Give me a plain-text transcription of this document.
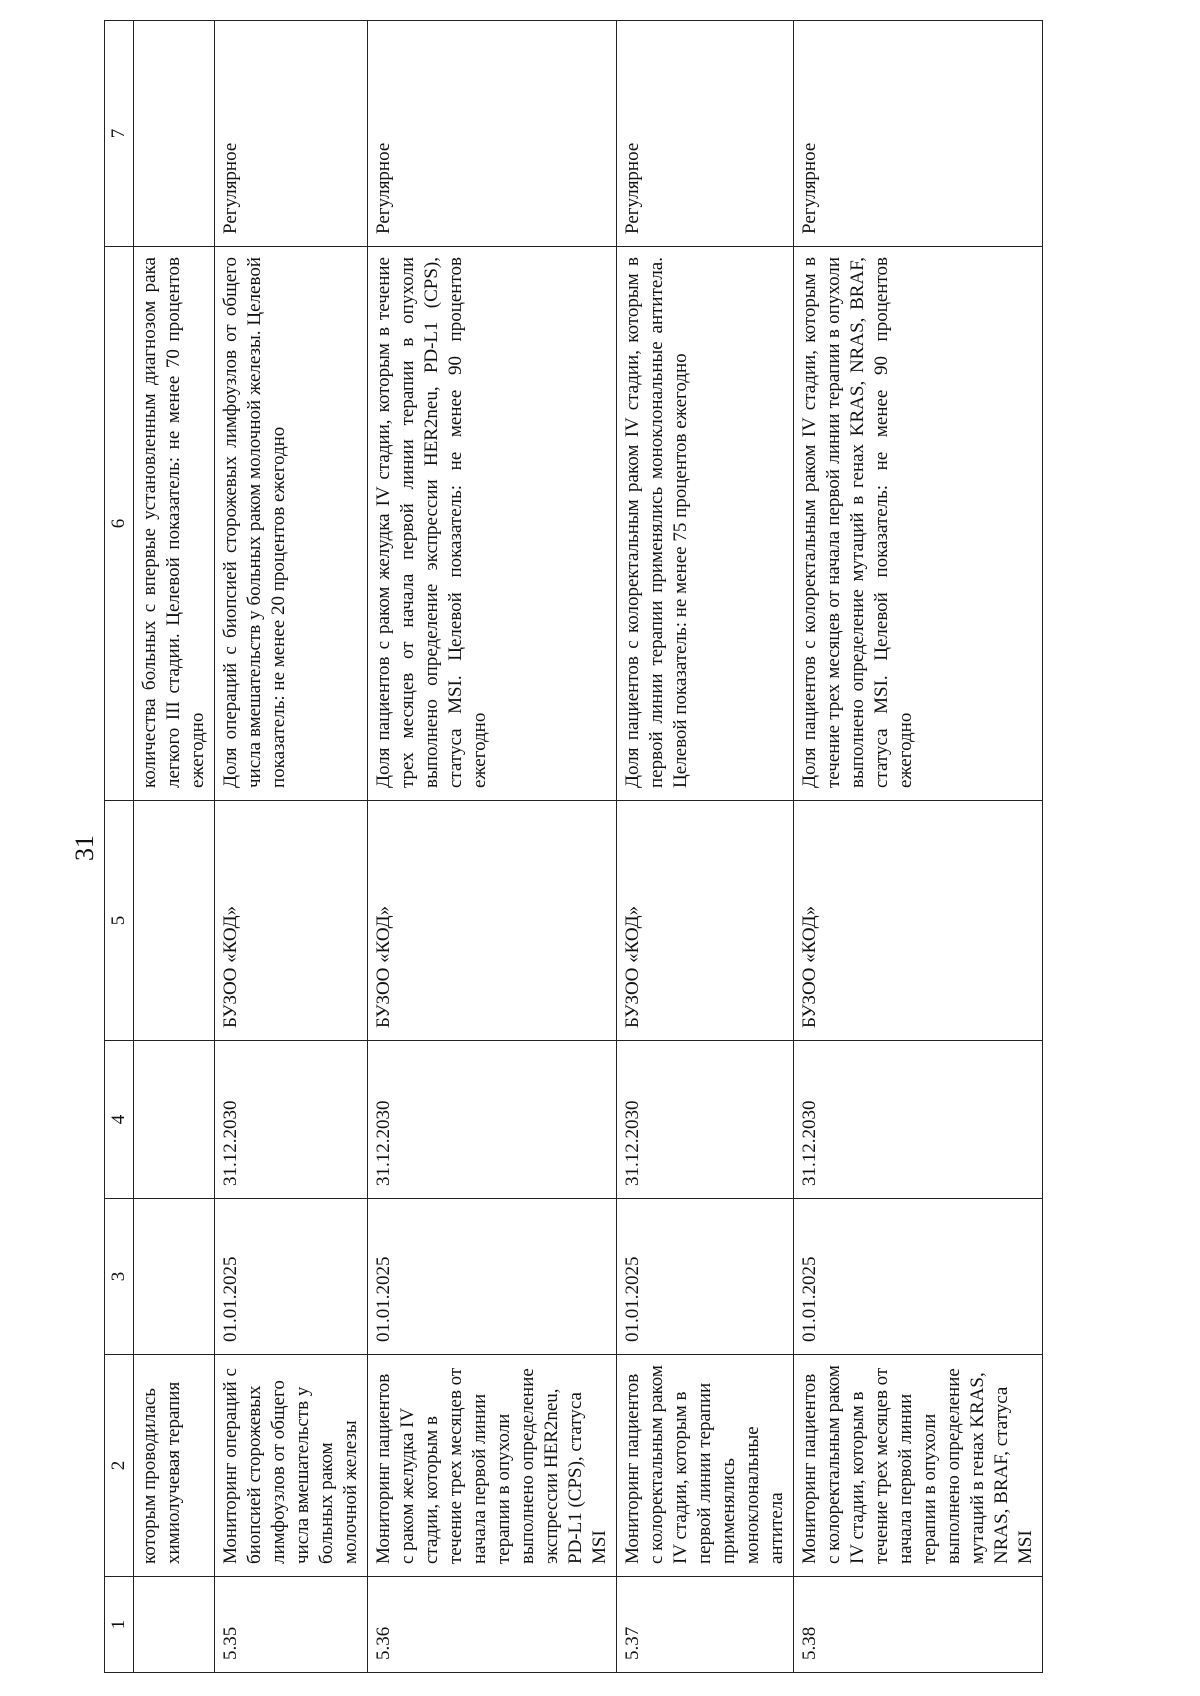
31
1	2	3	4	5	6	7
	которым проводилась химиолучевая терапия				количества больных с впервые установленным диагнозом рака легкого III стадии. Целевой показатель: не менее 70 процентов ежегодно	
5.35	Мониторинг операций с биопсией сторожевых лимфоузлов от общего числа вмешательств у больных раком молочной железы	01.01.2025	31.12.2030	БУЗОО «КОД»	Доля операций с биопсией сторожевых лимфоузлов от общего числа вмешательств у больных раком молочной железы. Целевой показатель: не менее 20 процентов ежегодно	Регулярное
5.36	Мониторинг пациентов с раком желудка IV стадии, которым в течение трех месяцев от начала первой линии терапии в опухоли выполнено определение экспрессии HER2neu, PD-L1 (CPS), статуса MSI	01.01.2025	31.12.2030	БУЗОО «КОД»	Доля пациентов с раком желудка IV стадии, которым в течение трех месяцев от начала первой линии терапии в опухоли выполнено определение экспрессии HER2neu, PD-L1 (CPS), статуса MSI. Целевой показатель: не менее 90 процентов ежегодно	Регулярное
5.37	Мониторинг пациентов с колоректальным раком IV стадии, которым в первой линии терапии применялись моноклональные антитела	01.01.2025	31.12.2030	БУЗОО «КОД»	Доля пациентов с колоректальным раком IV стадии, которым в первой линии терапии применялись моноклональные антитела. Целевой показатель: не менее 75 процентов ежегодно	Регулярное
5.38	Мониторинг пациентов с колоректальным раком IV стадии, которым в течение трех месяцев от начала первой линии терапии в опухоли выполнено определение мутаций в генах KRAS, NRAS, BRAF, статуса MSI	01.01.2025	31.12.2030	БУЗОО «КОД»	Доля пациентов с колоректальным раком IV стадии, которым в течение трех месяцев от начала первой линии терапии в опухоли выполнено определение мутаций в генах KRAS, NRAS, BRAF, статуса MSI. Целевой показатель: не менее 90 процентов ежегодно	Регулярное
